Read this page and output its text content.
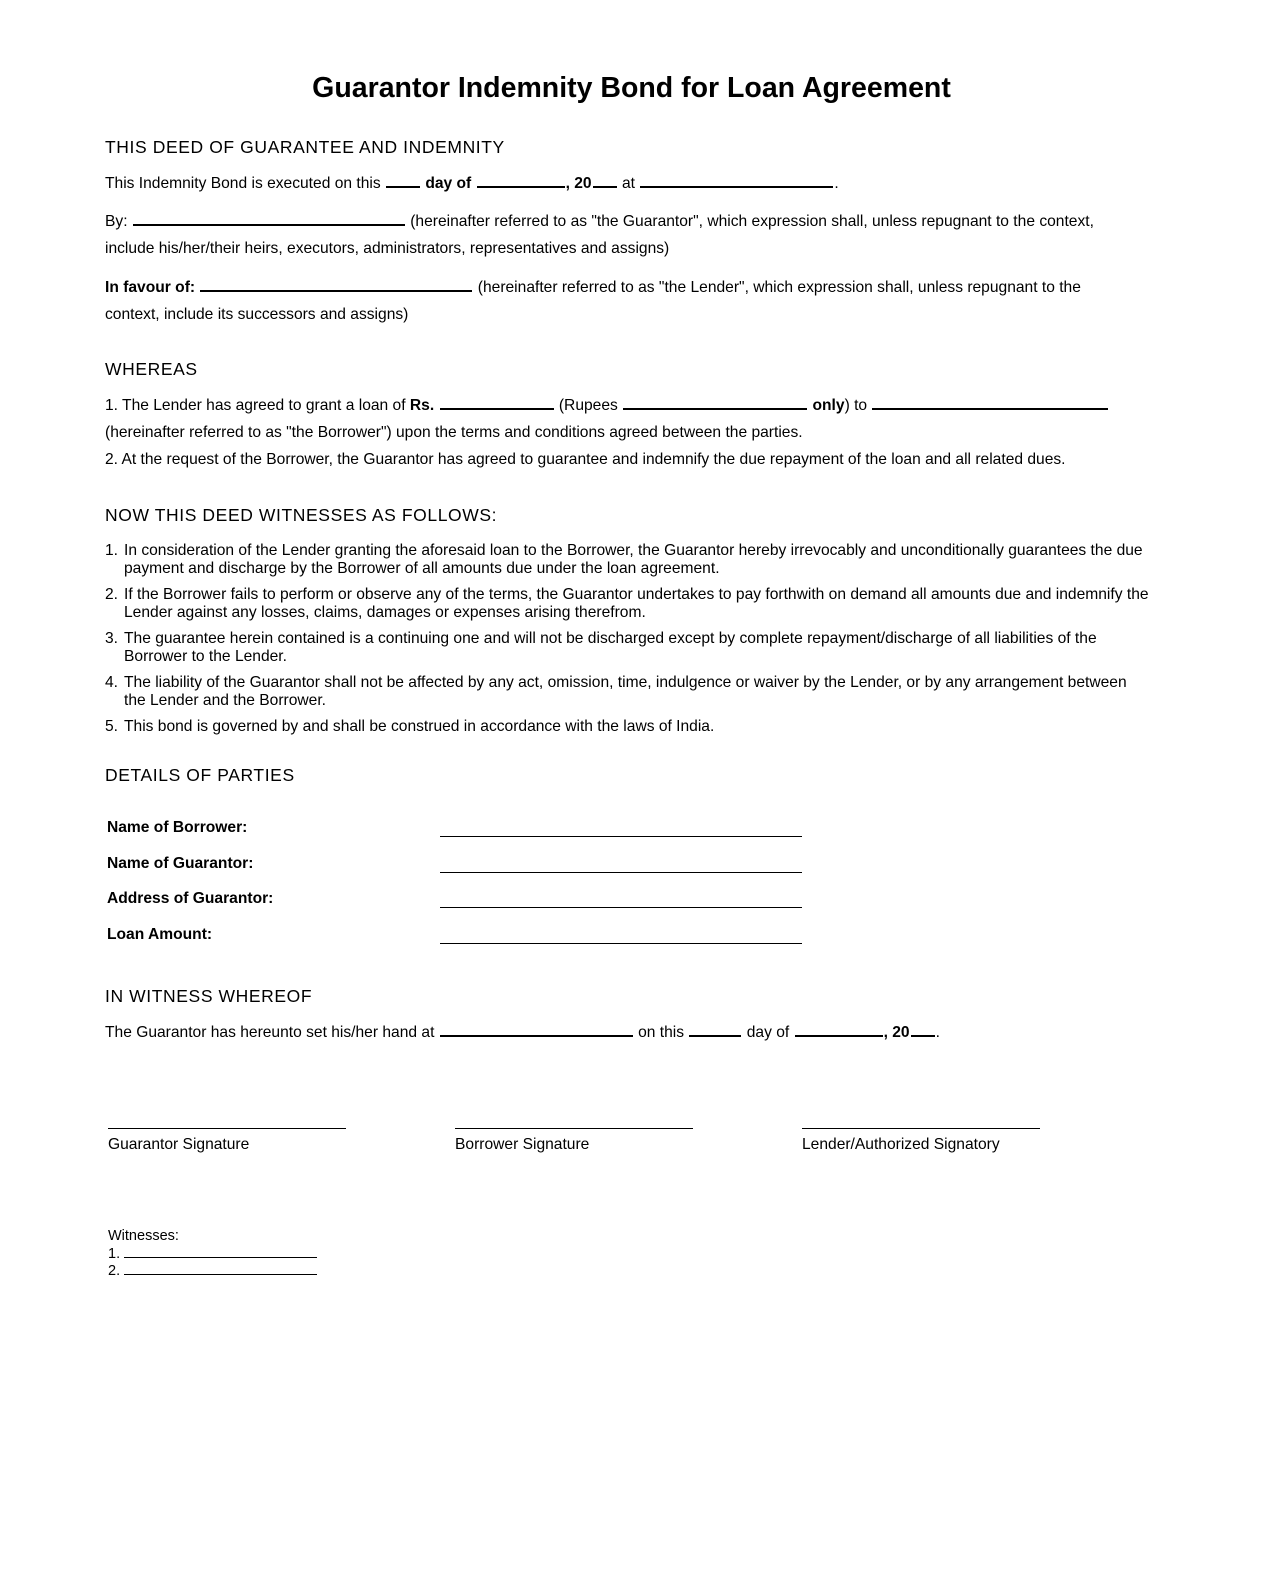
Guarantor Indemnity Bond for Loan Agreement
THIS DEED OF GUARANTEE AND INDEMNITY

This Indemnity Bond is executed on this	day of	, 20 at	.

By:	(hereinafter referred to as "the Guarantor", which expression shall, unless repugnant to the context, include his/her/their heirs, executors, administrators, representatives and assigns)

In favour of:	(hereinafter referred to as "the Lender", which expression shall, unless repugnant to the context, include its successors and assigns)

WHEREAS

1. The Lender has agreed to grant a loan of Rs.	(Rupees	only) to  (hereinafter referred to as "the Borrower") upon the terms and conditions agreed between the parties.

2. At the request of the Borrower, the Guarantor has agreed to guarantee and indemnify the due repayment of the loan and all related dues.

NOW THIS DEED WITNESSES AS FOLLOWS:
1. In consideration of the Lender granting the aforesaid loan to the Borrower, the Guarantor hereby irrevocably and unconditionally guarantees the due payment and discharge by the Borrower of all amounts due under the loan agreement.
2. If the Borrower fails to perform or observe any of the terms, the Guarantor undertakes to pay forthwith on demand all amounts due and indemnify the Lender against any losses, claims, damages or expenses arising therefrom.
3. The guarantee herein contained is a continuing one and will not be discharged except by complete repayment/discharge of all liabilities of the Borrower to the Lender.
4. The liability of the Guarantor shall not be affected by any act, omission, time, indulgence or waiver by the Lender, or by any arrangement between the Lender and the Borrower.
5. This bond is governed by and shall be construed in accordance with the laws of India.
DETAILS OF PARTIES
Name of Borrower:
Name of Guarantor:
Address of Guarantor:
Loan Amount:
IN WITNESS WHEREOF

The Guarantor has hereunto set his/her hand at	on this	day of	, 20 .

Guarantor Signature	Borrower Signature	Lender/Authorized Signatory
Witnesses:
1.
2.
